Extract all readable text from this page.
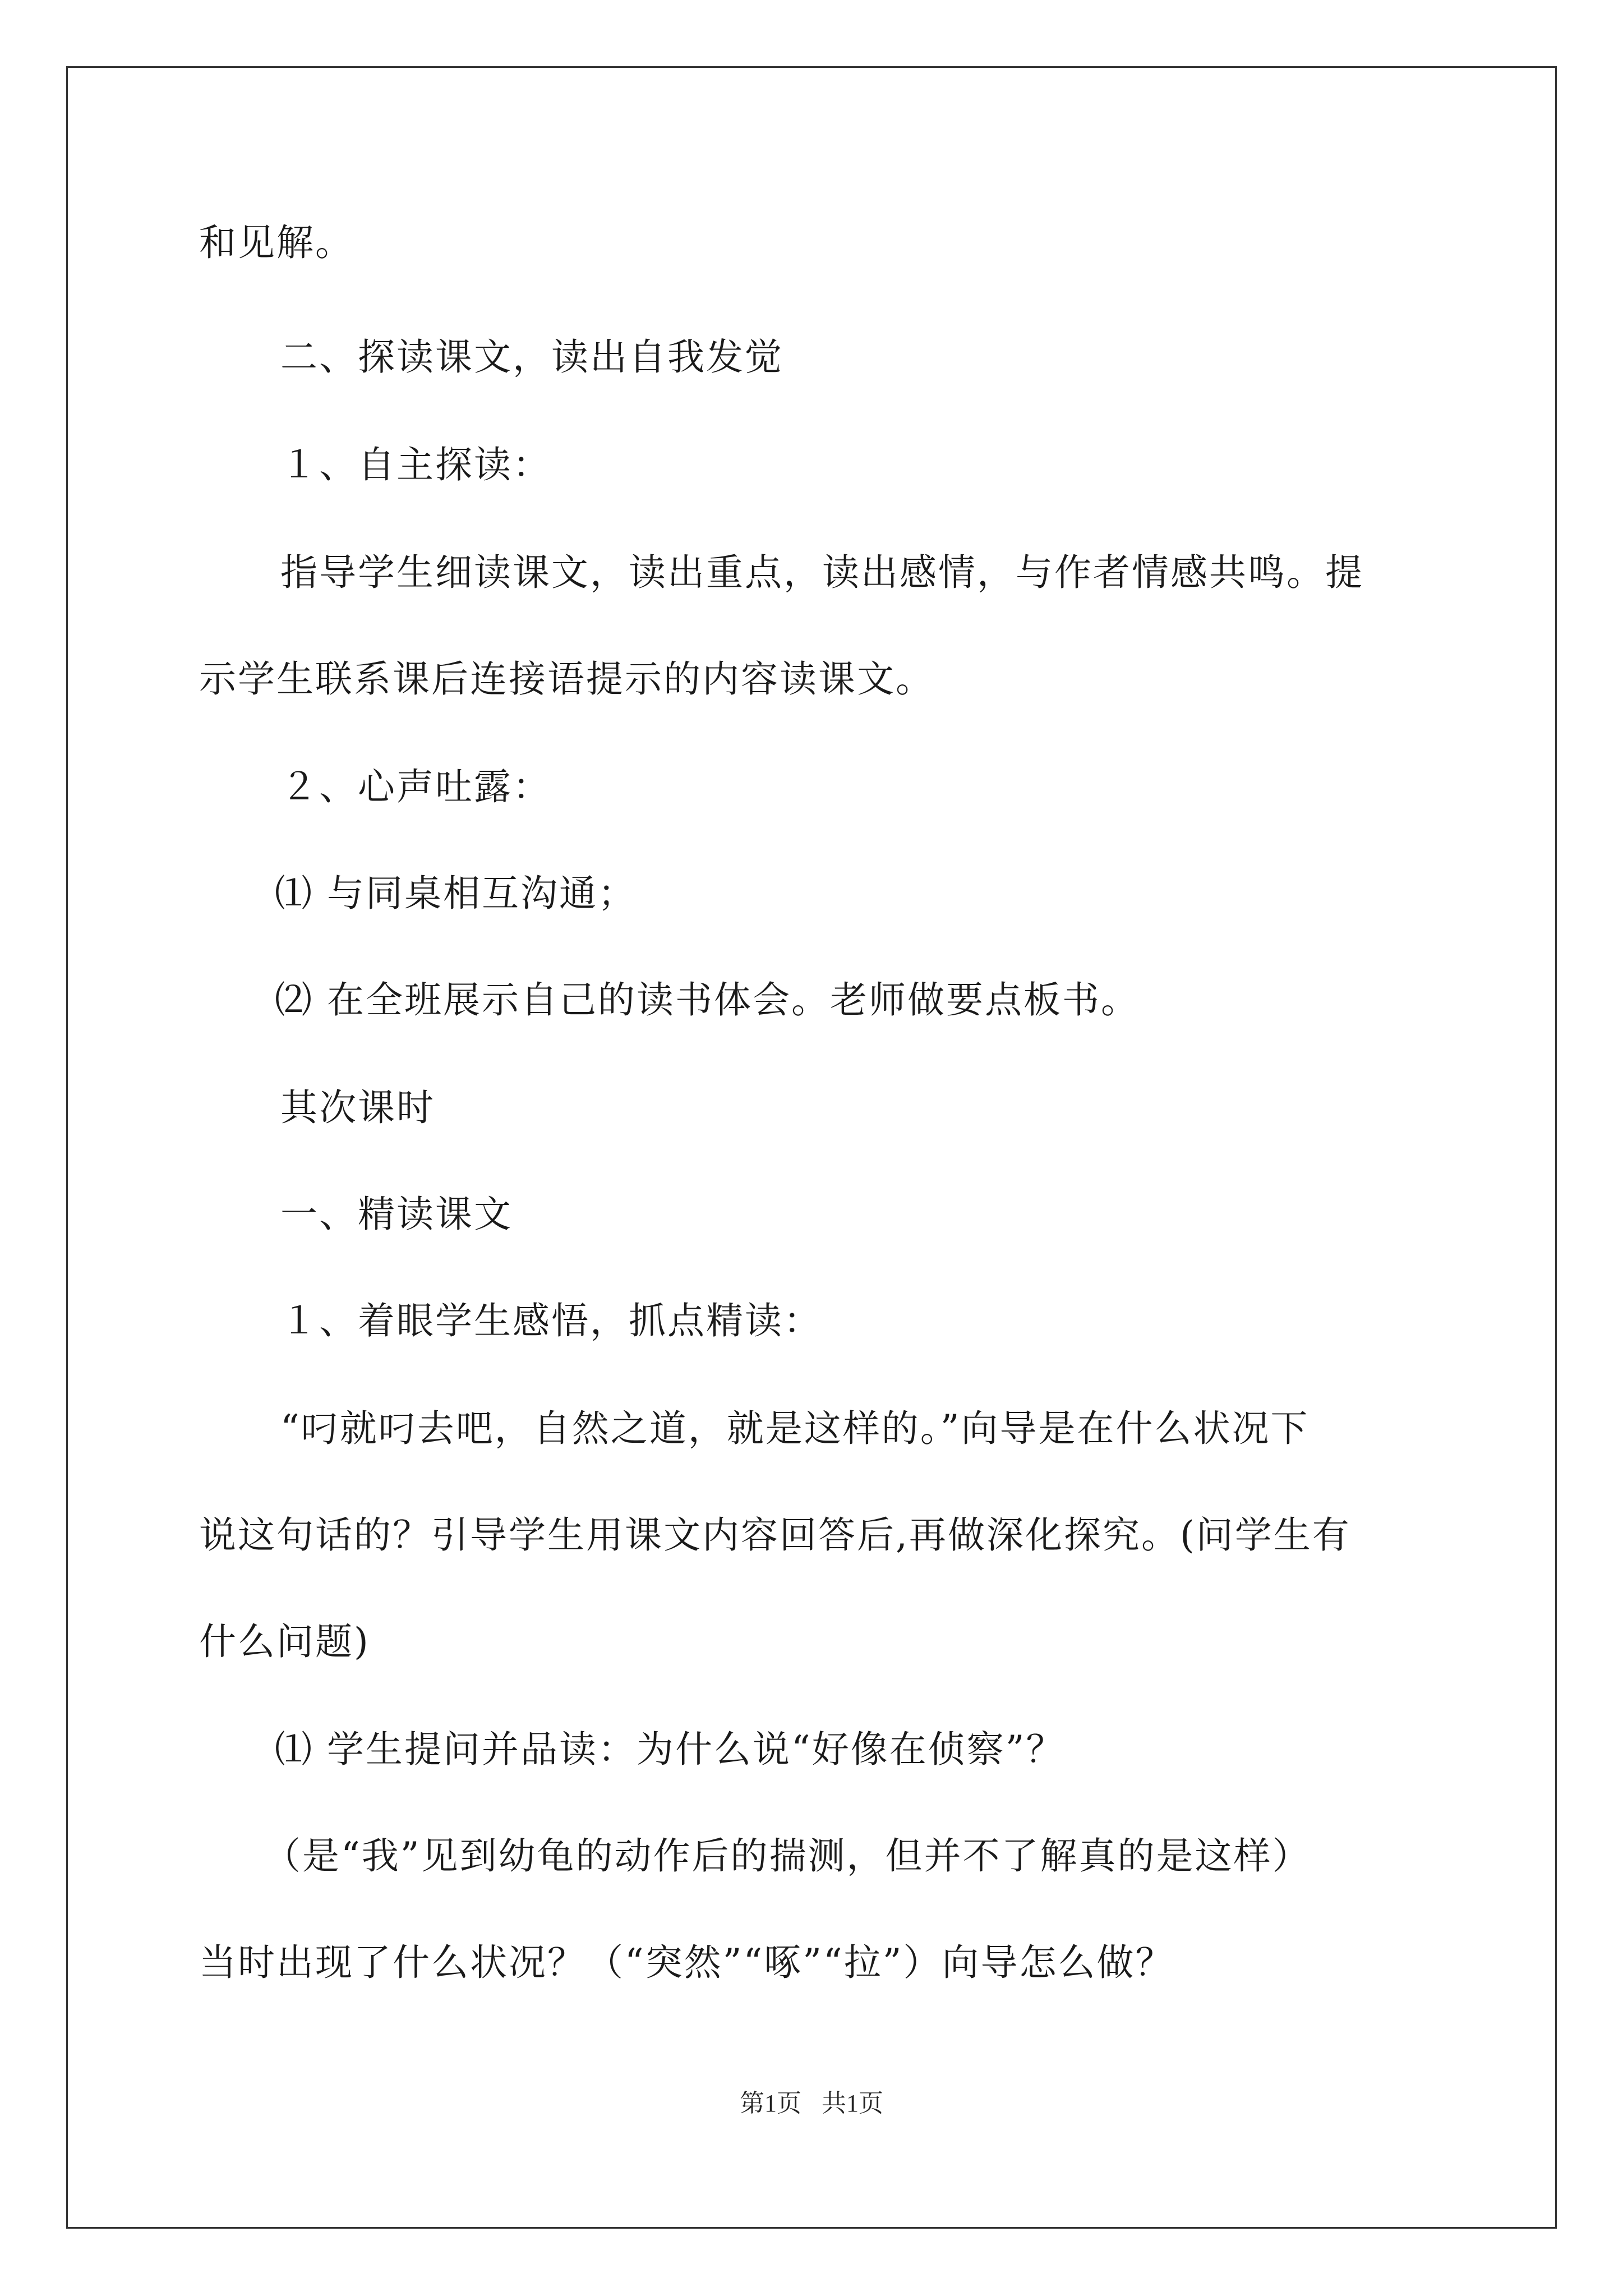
和见解。
二、探读课文，读出自我发觉
１、自主探读：
指导学生细读课文，读出重点，读出感情，与作者情感共鸣。提
示学生联系课后连接语提示的内容读课文。
２、心声吐露：
⑴ 与同桌相互沟通；
⑵ 在全班展示自己的读书体会。老师做要点板书。
其次课时
一、精读课文
１、着眼学生感悟，抓点精读：
“叼就叼去吧，自然之道，就是这样的。”向导是在什么状况下
说这句话的？引导学生用课文内容回答后,再做深化探究。(问学生有
什么问题)
⑴ 学生提问并品读：为什么说“好像在侦察”？
（是“我”见到幼龟的动作后的揣测，但并不了解真的是这样）
当时出现了什么状况？（“突然”“啄”“拉”）向导怎么做？
第1页 共1页
